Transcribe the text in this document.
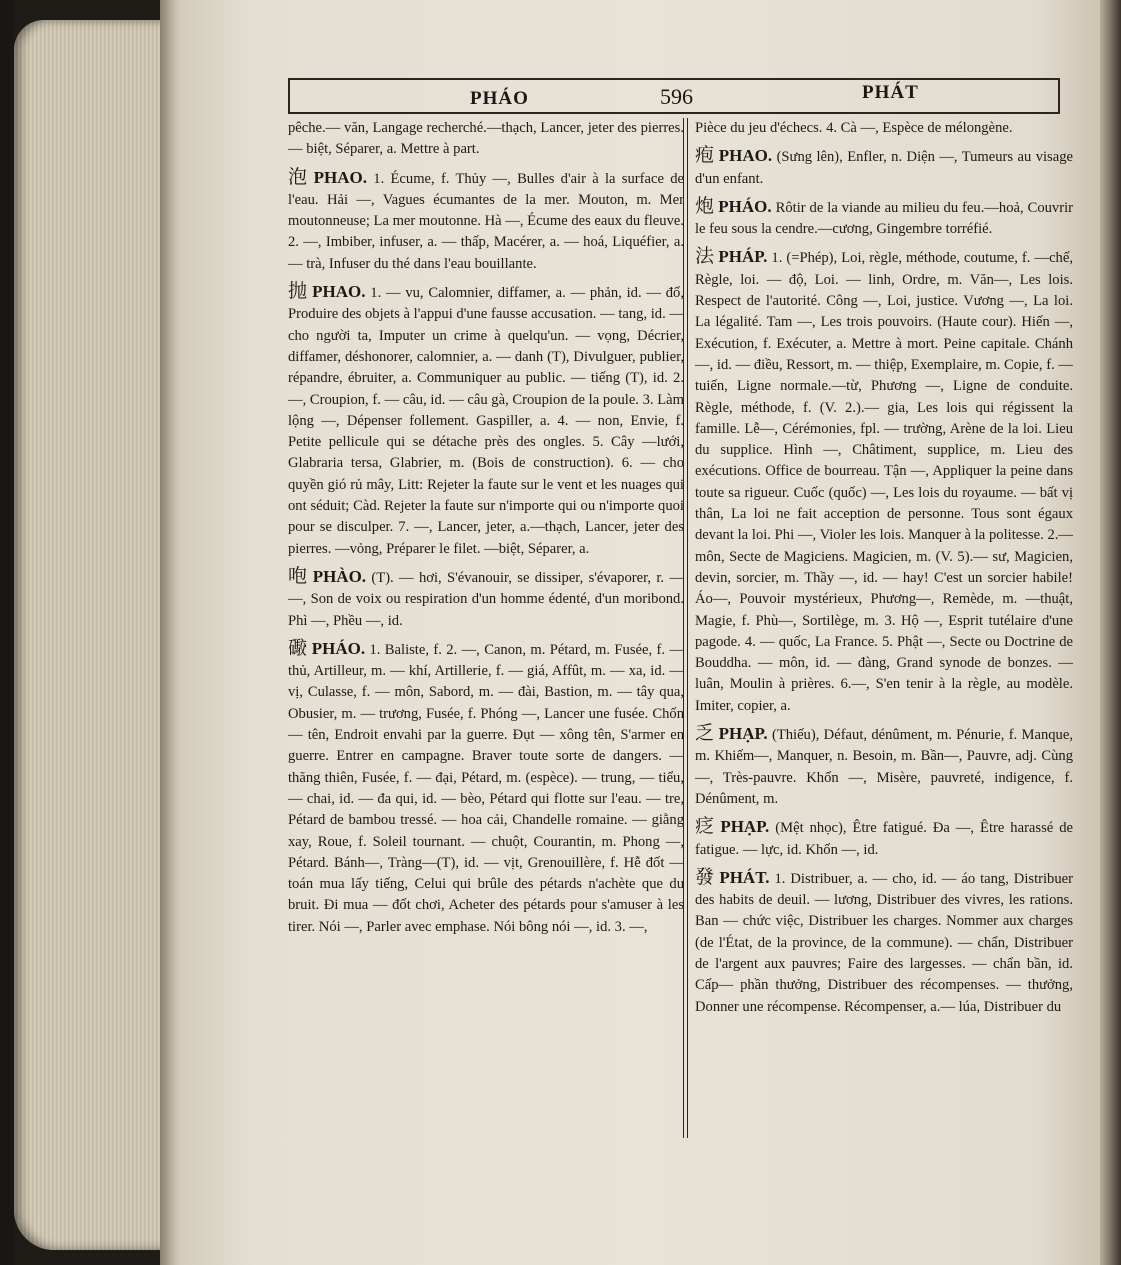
PHÁO	596	PHÁT

pêche.— văn, Langage recherché.—thạch, Lancer, jeter des pierres.— biệt, Séparer, a. Mettre à part.

泡 PHAO. 1. Écume, f. Thủy —, Bulles d'air à la surface de l'eau. Hải —, Vagues écumantes de la mer. Mouton, m. Mer moutonneuse; La mer moutonne. Hà —, Écume des eaux du fleuve. 2. —, Imbiber, infuser, a. — thấp, Macérer, a. — hoá, Liquéfier, a.— trà, Infuser du thé dans l'eau bouillante.

抛 PHAO. 1. — vu, Calomnier, diffamer, a. — phản, id. — đổ, Produire des objets à l'appui d'une fausse accusation. — tang, id. — cho người ta, Imputer un crime à quelqu'un. — vọng, Décrier, diffamer, déshonorer, calomnier, a. — danh (T), Divulguer, publier, répandre, ébruiter, a. Communiquer au public. — tiếng (T), id. 2. —, Croupion, f. — câu, id. — câu gà, Croupion de la poule. 3. Làm lộng —, Dépenser follement. Gaspiller, a. 4. — non, Envie, f. Petite pellicule qui se détache près des ongles. 5. Cây —lưới, Glabraria tersa, Glabrier, m. (Bois de construction). 6. — cho quyền gió rủ mây, Litt: Rejeter la faute sur le vent et les nuages qui ont séduit; Càd. Rejeter la faute sur n'importe qui ou n'importe quoi pour se disculper. 7. —, Lancer, jeter, a.—thạch, Lancer, jeter des pierres. —vỏng, Préparer le filet. —biệt, Séparer, a.

咆 PHÀO. (T). — hơi, S'évanouir, se dissiper, s'évaporer, r. — —, Son de voix ou respiration d'un homme édenté, d'un moribond. Phì —, Phều —, id.

礮 PHÁO. 1. Baliste, f. 2. —, Canon, m. Pétard, m. Fusée, f. — thủ, Artilleur, m. — khí, Artillerie, f. — giá, Affût, m. — xa, id. — vị, Culasse, f. — môn, Sabord, m. — đài, Bastion, m. — tây qua, Obusier, m. — trương, Fusée, f. Phóng —, Lancer une fusée. Chốn — tên, Endroit envahi par la guerre. Đụt — xông tên, S'armer en guerre. Entrer en campagne. Braver toute sorte de dangers. — thăng thiên, Fusée, f. — đại, Pétard, m. (espèce). — trung, — tiểu, — chai, id. — đa qui, id. — bèo, Pétard qui flotte sur l'eau. — tre, Pétard de bambou tressé. — hoa cải, Chandelle romaine. — giằng xay, Roue, f. Soleil tournant. — chuột, Courantin, m. Phong —, Pétard. Bánh—, Tràng—(T), id. — vịt, Grenouillère, f. Hễ đốt — toán mua lấy tiếng, Celui qui brûle des pétards n'achète que du bruit. Đi mua — đốt chơi, Acheter des pétards pour s'amuser à les tirer. Nói —, Parler avec emphase. Nói bông nói —, id. 3. —,

Pièce du jeu d'échecs. 4. Cà —, Espèce de mélongène.

疱 PHAO. (Sưng lên), Enfler, n. Diện —, Tumeurs au visage d'un enfant.

炮 PHÁO. Rôtir de la viande au milieu du feu.—hoả, Couvrir le feu sous la cendre.—cương, Gingembre torréfié.

法 PHÁP. 1. (=Phép), Loi, règle, méthode, coutume, f. —chế, Règle, loi. — độ, Loi. — linh, Ordre, m. Văn—, Les lois. Respect de l'autorité. Công —, Loi, justice. Vương —, La loi. La légalité. Tam —, Les trois pouvoirs. (Haute cour). Hiến —, Exécution, f. Exécuter, a. Mettre à mort. Peine capitale. Chánh —, id. — điều, Ressort, m. — thiệp, Exemplaire, m. Copie, f. — tuiến, Ligne normale.—từ, Phương —, Ligne de conduite. Règle, méthode, f. (V. 2.).— gia, Les lois qui régissent la famille. Lễ—, Cérémonies, fpl. — trường, Arène de la loi. Lieu du supplice. Hình —, Châtiment, supplice, m. Lieu des exécutions. Office de bourreau. Tận —, Appliquer la peine dans toute sa rigueur. Cuốc (quốc) —, Les lois du royaume. — bất vị thân, La loi ne fait acception de personne. Tous sont égaux devant la loi. Phi —, Violer les lois. Manquer à la politesse. 2.— môn, Secte de Magiciens. Magicien, m. (V. 5).— sư, Magicien, devin, sorcier, m. Thầy —, id. — hay! C'est un sorcier habile! Áo—, Pouvoir mystérieux, Phương—, Remède, m. —thuật, Magie, f. Phù—, Sortilège, m. 3. Hộ —, Esprit tutélaire d'une pagode. 4. — quốc, La France. 5. Phật —, Secte ou Doctrine de Bouddha. — môn, id. — đàng, Grand synode de bonzes. — luân, Moulin à prières. 6.—, S'en tenir à la règle, au modèle. Imiter, copier, a.

乏 PHẠP. (Thiếu), Défaut, dénûment, m. Pénurie, f. Manque, m. Khiếm—, Manquer, n. Besoin, m. Bần—, Pauvre, adj. Cùng—, Très-pauvre. Khốn —, Misère, pauvreté, indigence, f. Dénûment, m.

疺 PHẠP. (Mệt nhọc), Être fatigué. Đa —, Être harassé de fatigue. — lực, id. Khốn —, id.

發 PHÁT. 1. Distribuer, a. — cho, id. — áo tang, Distribuer des habits de deuil. — lương, Distribuer des vivres, les rations. Ban — chức việc, Distribuer les charges. Nommer aux charges (de l'État, de la province, de la commune). — chẩn, Distribuer de l'argent aux pauvres; Faire des largesses. — chẩn bần, id. Cấp— phần thưởng, Distribuer des récompenses. — thưởng, Donner une récompense. Récompenser, a.— lúa, Distribuer du
